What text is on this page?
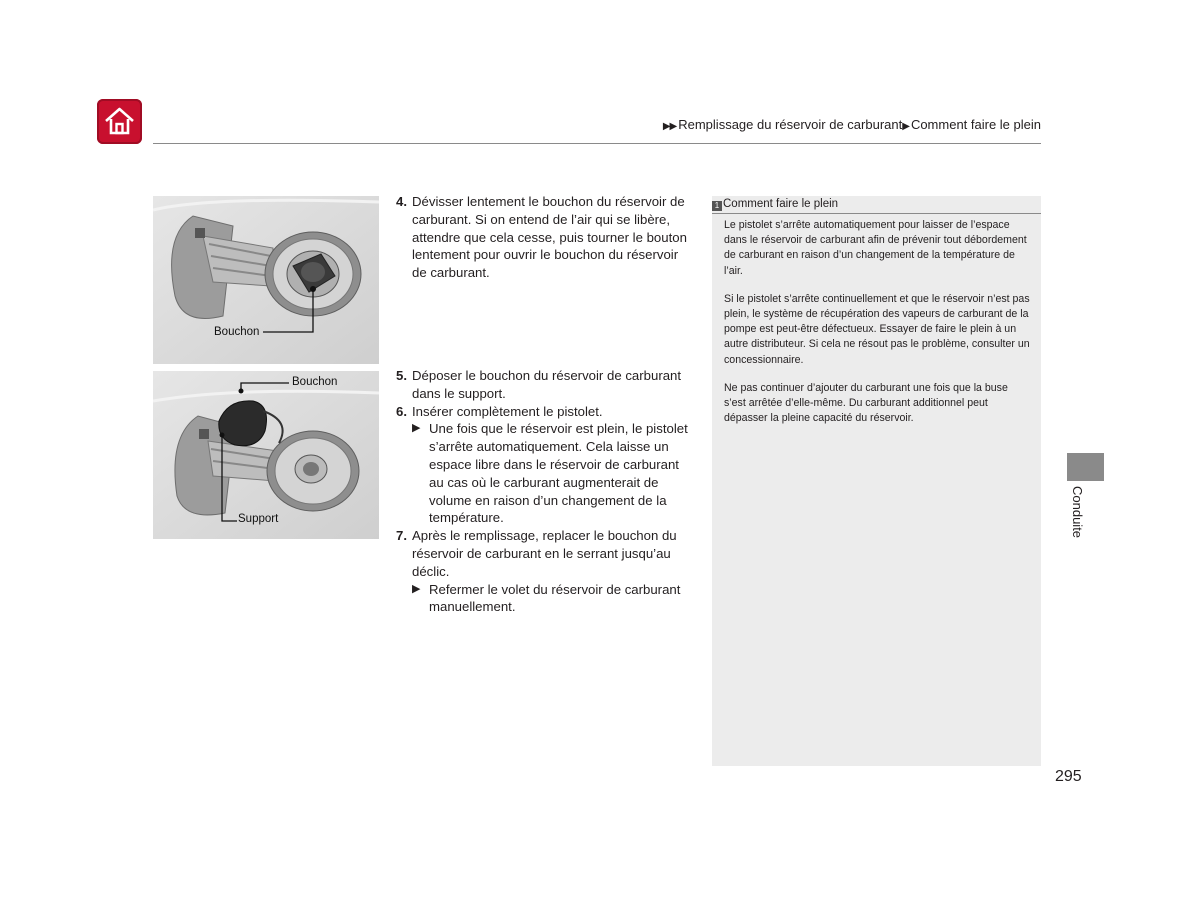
▶▶ Remplissage du réservoir de carburant▶ Comment faire le plein
Bouchon
Bouchon
Support
4. Dévisser lentement le bouchon du réservoir de carburant. Si on entend de l’air qui se libère, attendre que cela cesse, puis tourner le bouton lentement pour ouvrir le bouchon du réservoir de carburant.
5. Déposer le bouchon du réservoir de carburant dans le support.
6. Insérer complètement le pistolet.
▶ Une fois que le réservoir est plein, le pistolet s’arrête automatiquement. Cela laisse un espace libre dans le réservoir de carburant au cas où le carburant augmenterait de volume en raison d’un changement de la température.
7. Après le remplissage, replacer le bouchon du réservoir de carburant en le serrant jusqu’au déclic.
▶ Refermer le volet du réservoir de carburant manuellement.
1 Comment faire le plein

Le pistolet s’arrête automatiquement pour laisser de l’espace dans le réservoir de carburant afin de prévenir tout débordement de carburant en raison d’un changement de la température de l’air.

Si le pistolet s’arrête continuellement et que le réservoir n’est pas plein, le système de récupération des vapeurs de carburant de la pompe est peut-être défectueux. Essayer de faire le plein à un autre distributeur. Si cela ne résout pas le problème, consulter un concessionnaire.

Ne pas continuer d’ajouter du carburant une fois que la buse s’est arrêtée d’elle-même. Du carburant additionnel peut dépasser la pleine capacité du réservoir.

Conduite
295
